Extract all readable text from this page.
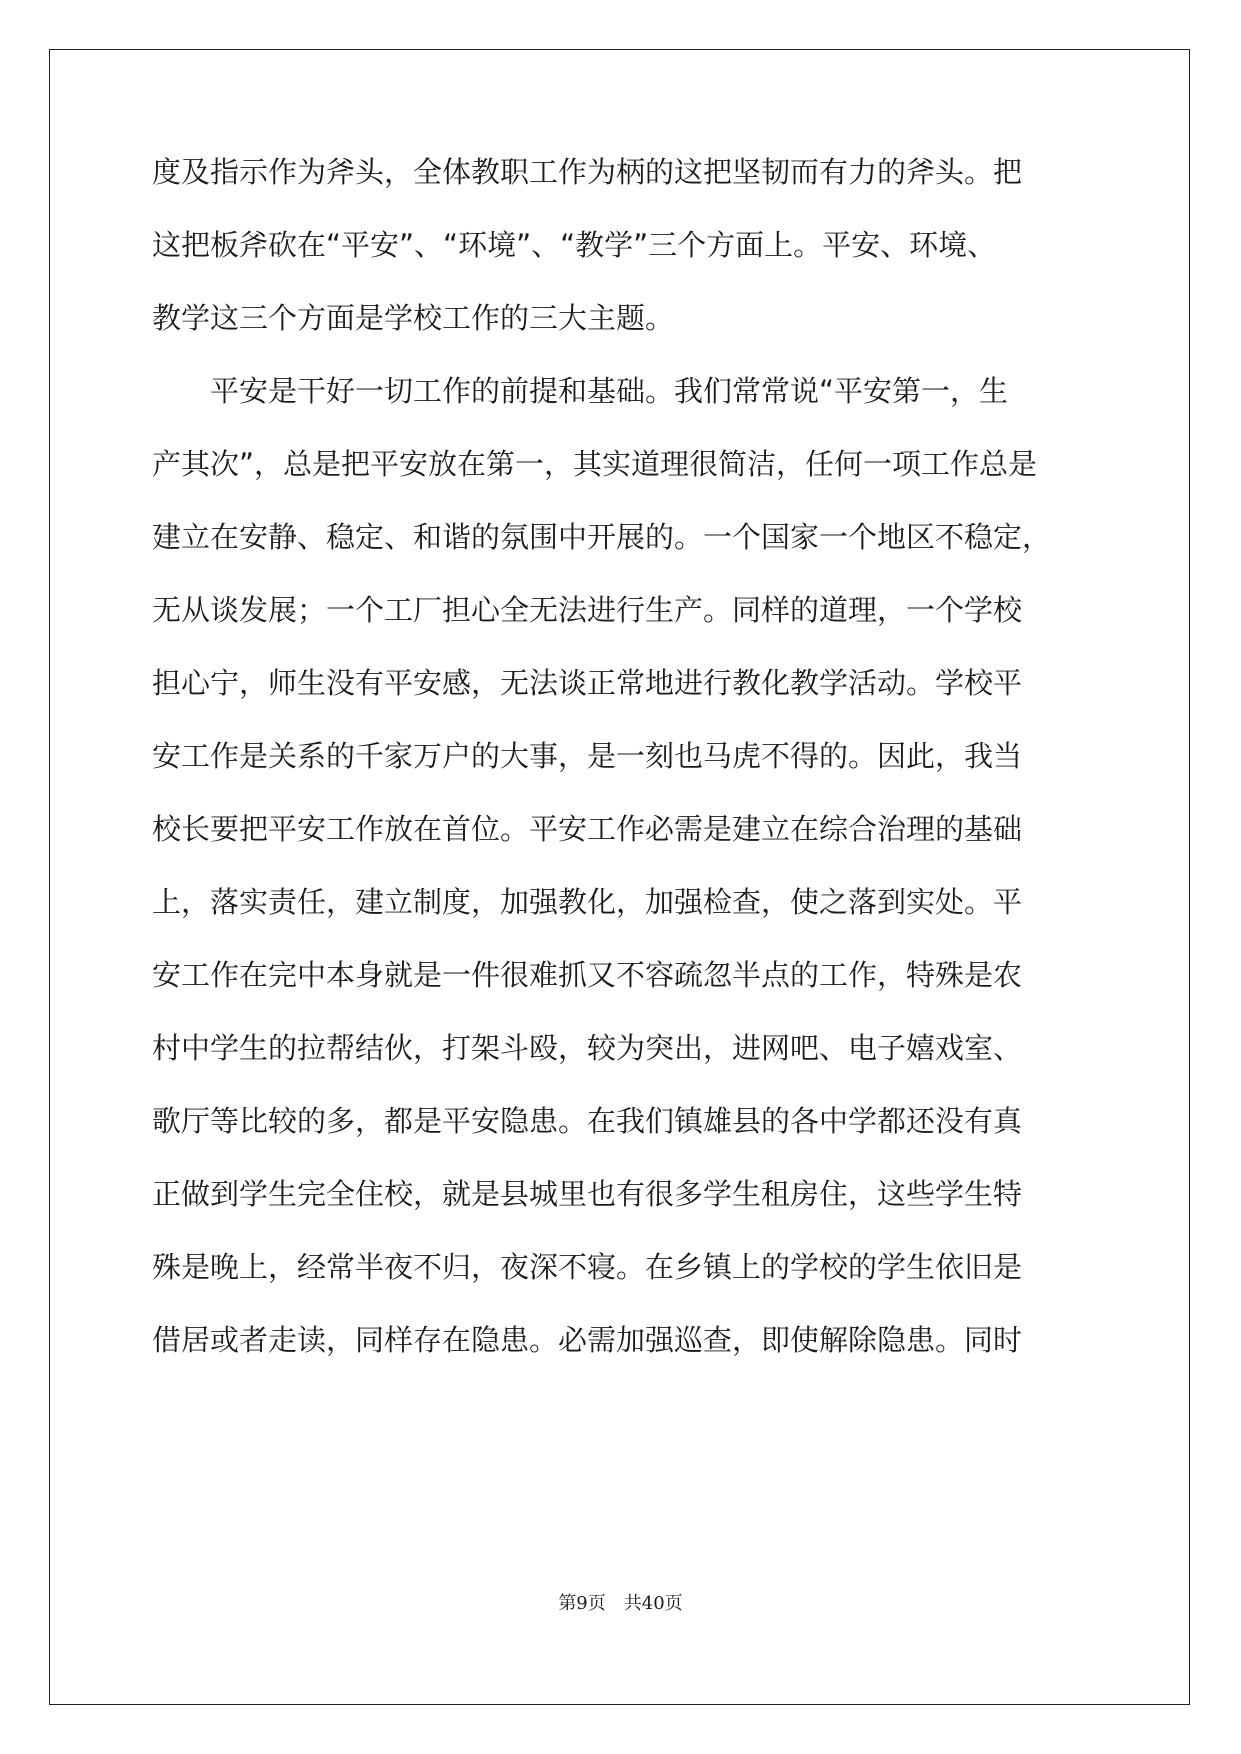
度及指示作为斧头，全体教职工作为柄的这把坚韧而有力的斧头。把
这把板斧砍在“平安”、“环境”、“教学”三个方面上。平安、环境、
教学这三个方面是学校工作的三大主题。
　　平安是干好一切工作的前提和基础。我们常常说“平安第一，生
产其次”，总是把平安放在第一，其实道理很简洁，任何一项工作总是
建立在安静、稳定、和谐的氛围中开展的。一个国家一个地区不稳定，
无从谈发展；一个工厂担心全无法进行生产。同样的道理，一个学校
担心宁，师生没有平安感，无法谈正常地进行教化教学活动。学校平
安工作是关系的千家万户的大事，是一刻也马虎不得的。因此，我当
校长要把平安工作放在首位。平安工作必需是建立在综合治理的基础
上，落实责任，建立制度，加强教化，加强检查，使之落到实处。平
安工作在完中本身就是一件很难抓又不容疏忽半点的工作，特殊是农
村中学生的拉帮结伙，打架斗殴，较为突出，进网吧、电子嬉戏室、
歌厅等比较的多，都是平安隐患。在我们镇雄县的各中学都还没有真
正做到学生完全住校，就是县城里也有很多学生租房住，这些学生特
殊是晚上，经常半夜不归，夜深不寝。在乡镇上的学校的学生依旧是
借居或者走读，同样存在隐患。必需加强巡查，即使解除隐患。同时
第9页　共40页
